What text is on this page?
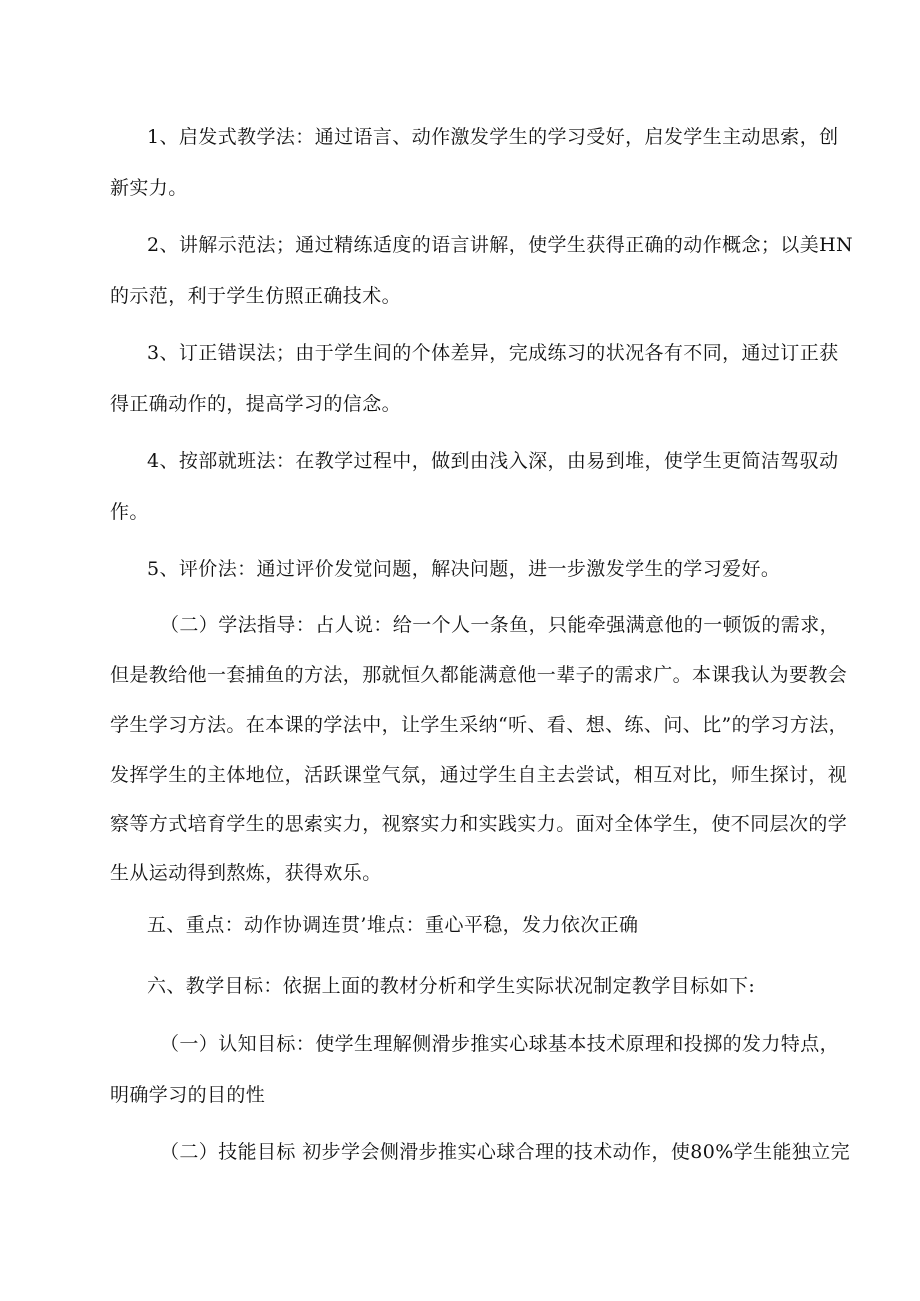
1、启发式教学法：通过语言、动作激发学生的学习受好，启发学生主动思索，创
新实力。
2、讲解示范法；通过精练适度的语言讲解，使学生获得正确的动作概念；以美HN
的示范，利于学生仿照正确技术。
3、订正错误法；由于学生间的个体差异，完成练习的状况各有不同，通过订正获
得正确动作的，提高学习的信念。
4、按部就班法：在教学过程中，做到由浅入深，由易到堆，使学生更简洁驾驭动
作。
5、评价法：通过评价发觉问题，解决问题，进一步激发学生的学习爱好。
（二）学法指导：占人说：给一个人一条鱼，只能牵强满意他的一顿饭的需求，
但是教给他一套捕鱼的方法，那就恒久都能满意他一辈子的需求广。本课我认为要教会
学生学习方法。在本课的学法中，让学生采纳“听、看、想、练、问、比”的学习方法，
发挥学生的主体地位，活跃课堂气氛，通过学生自主去尝试，相互对比，师生探讨，视
察等方式培育学生的思索实力，视察实力和实践实力。面对全体学生，使不同层次的学
生从运动得到熬炼，获得欢乐。
五、重点：动作协调连贯’堆点：重心平稳，发力依次正确
六、教学目标：依据上面的教材分析和学生实际状况制定教学目标如下:
（一）认知目标：使学生理解侧滑步推实心球基本技术原理和投掷的发力特点，
明确学习的目的性
（二）技能目标 初步学会侧滑步推实心球合理的技术动作，使80%学生能独立完
